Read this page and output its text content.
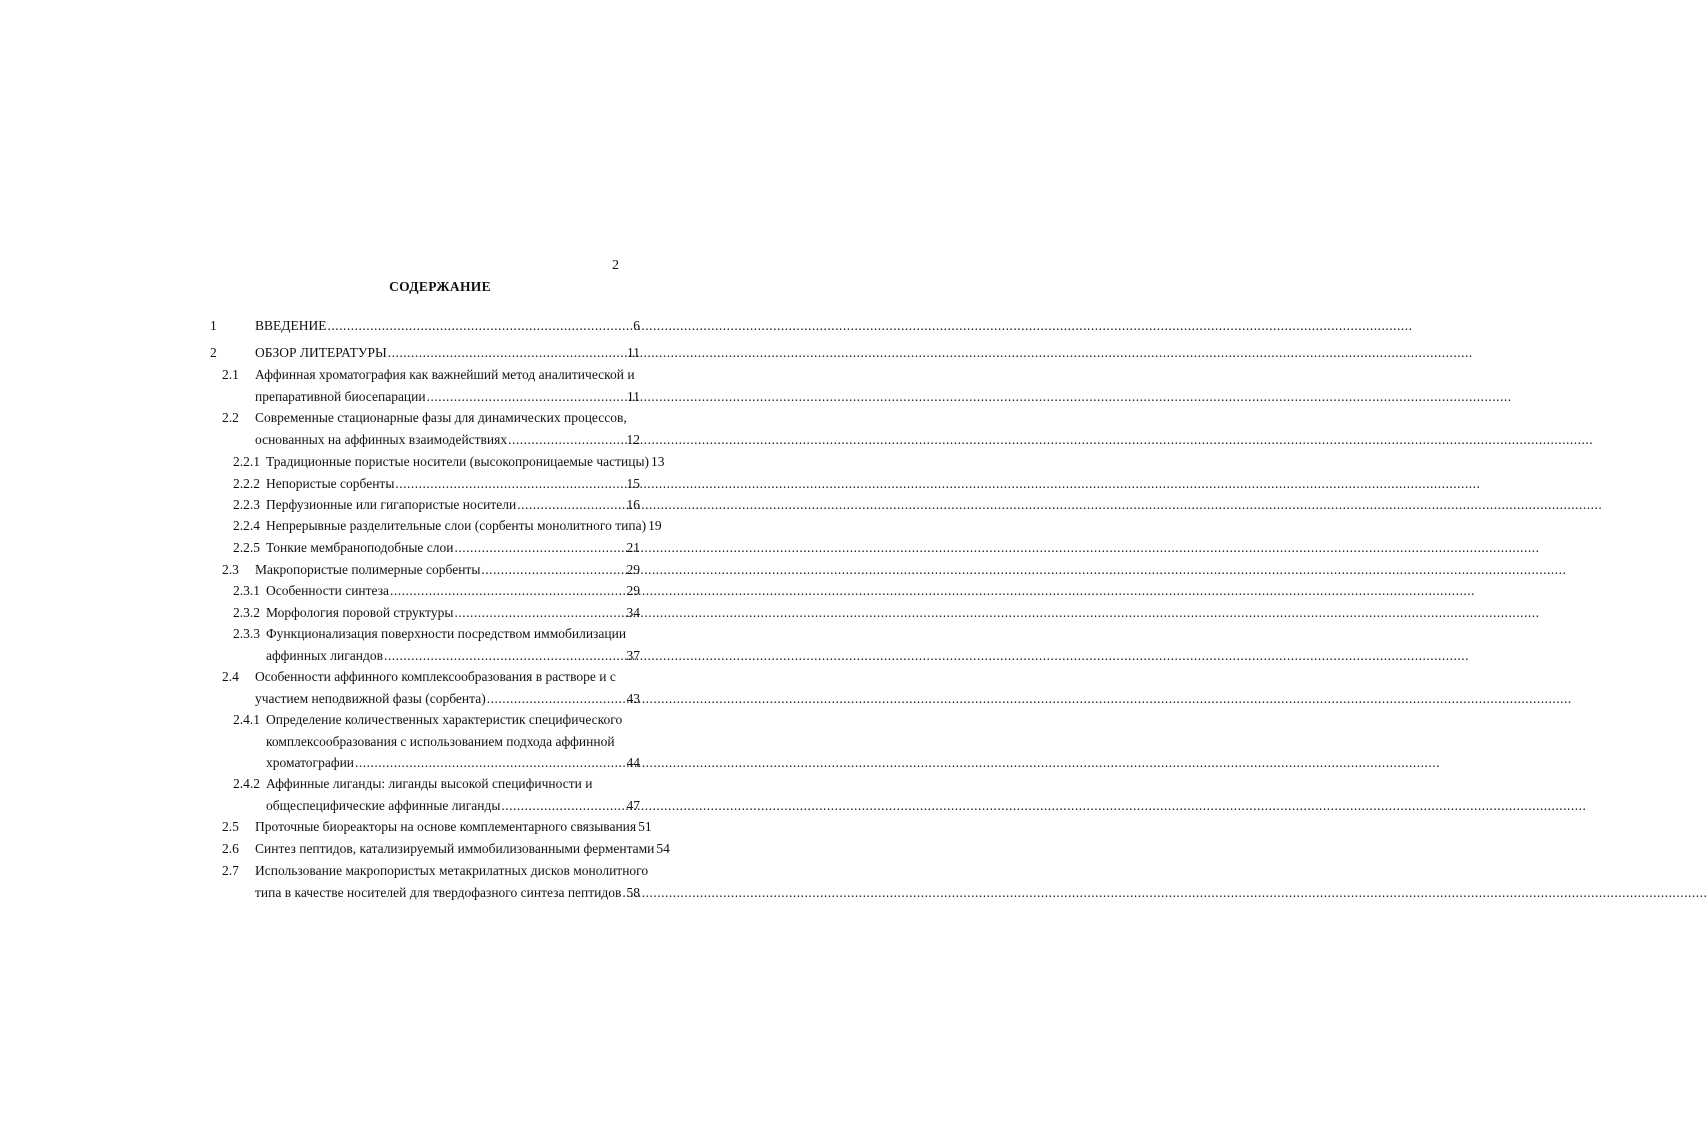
2
СОДЕРЖАНИЕ
1	ВВЕДЕНИЕ .....	6
2	ОБЗОР ЛИТЕРАТУРЫ .....	11
2.1 Аффинная хроматография как важнейший метод аналитической и
препаративной биосепарации .....	11
2.2 Современные стационарные фазы для динамических процессов,
основанных на аффинных взаимодействиях .....	12
2.2.1 Традиционные пористые носители (высокопроницаемые частицы) ..... 13
2.2.2 Непористые сорбенты .....	15
2.2.3 Перфузионные или гигапористые носители .....	16
2.2.4 Непрерывные разделительные слои (сорбенты монолитного типа) ..... 19
2.2.5 Тонкие мембраноподобные слои .....	21
2.3 Макропористые полимерные сорбенты .....	29
2.3.1 Особенности синтеза .....	29
2.3.2 Морфология поровой структуры .....	34
2.3.3 Функционализация поверхности посредством иммобилизации
аффинных лигандов .....	37
2.4 Особенности аффинного комплексообразования в растворе и с
участием неподвижной фазы (сорбента) .....	43
2.4.1 Определение количественных характеристик специфического
комплексообразования с использованием подхода аффинной
хроматографии .....	44
2.4.2 Аффинные лиганды: лиганды высокой специфичности и
общеспецифические аффинные лиганды .....	47
2.5 Проточные биореакторы на основе комплементарного связывания ..... 51
2.6 Синтез пептидов, катализируемый иммобилизованными ферментами ..... 54
2.7 Использование макропористых метакрилатных дисков монолитного
типа в качестве носителей для твердофазного синтеза пептидов ..... 58
